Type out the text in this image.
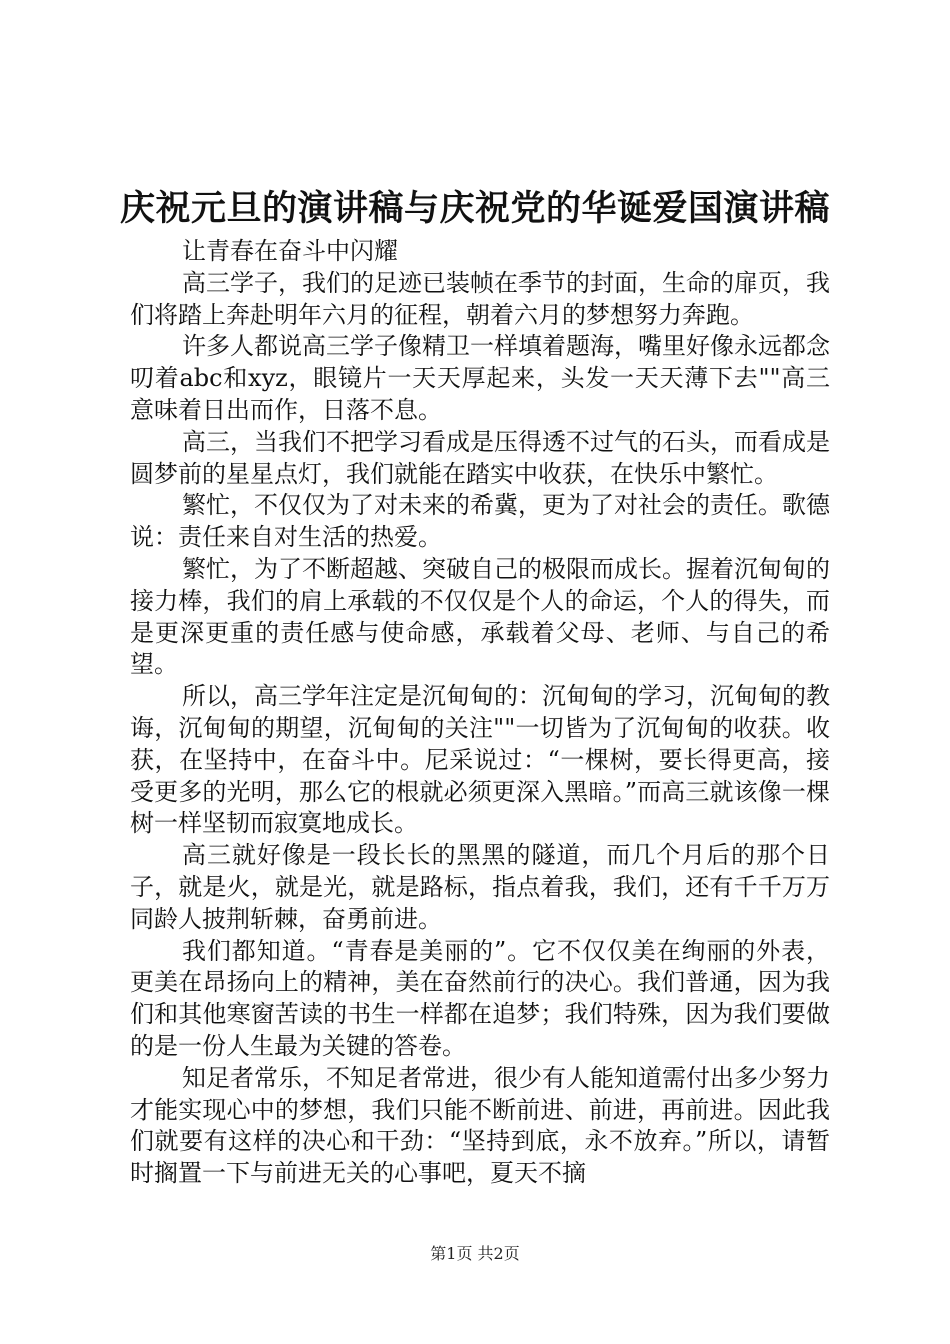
庆祝元旦的演讲稿与庆祝党的华诞爱国演讲稿

让青春在奋斗中闪耀

高三学子，我们的足迹已装帧在季节的封面，生命的扉页，我们将踏上奔赴明年六月的征程，朝着六月的梦想努力奔跑。

许多人都说高三学子像精卫一样填着题海，嘴里好像永远都念叨着abc和xyz，眼镜片一天天厚起来，头发一天天薄下去""高三意味着日出而作，日落不息。

高三，当我们不把学习看成是压得透不过气的石头，而看成是圆梦前的星星点灯，我们就能在踏实中收获，在快乐中繁忙。

繁忙，不仅仅为了对未来的希冀，更为了对社会的责任。歌德说：责任来自对生活的热爱。

繁忙，为了不断超越、突破自己的极限而成长。握着沉甸甸的接力棒，我们的肩上承载的不仅仅是个人的命运，个人的得失，而是更深更重的责任感与使命感，承载着父母、老师、与自己的希望。

所以，高三学年注定是沉甸甸的：沉甸甸的学习，沉甸甸的教诲，沉甸甸的期望，沉甸甸的关注""一切皆为了沉甸甸的收获。收获，在坚持中，在奋斗中。尼采说过：“一棵树，要长得更高，接受更多的光明，那么它的根就必须更深入黑暗。”而高三就该像一棵树一样坚韧而寂寞地成长。

高三就好像是一段长长的黑黑的隧道，而几个月后的那个日子，就是火，就是光，就是路标，指点着我，我们，还有千千万万同龄人披荆斩棘，奋勇前进。

我们都知道。“青春是美丽的”。它不仅仅美在绚丽的外表，更美在昂扬向上的精神，美在奋然前行的决心。我们普通，因为我们和其他寒窗苦读的书生一样都在追梦；我们特殊，因为我们要做的是一份人生最为关键的答卷。

知足者常乐，不知足者常进，很少有人能知道需付出多少努力才能实现心中的梦想，我们只能不断前进、前进，再前进。因此我们就要有这样的决心和干劲：“坚持到底，永不放弃。”所以，请暂时搁置一下与前进无关的心事吧，夏天不摘

第1页 共2页
